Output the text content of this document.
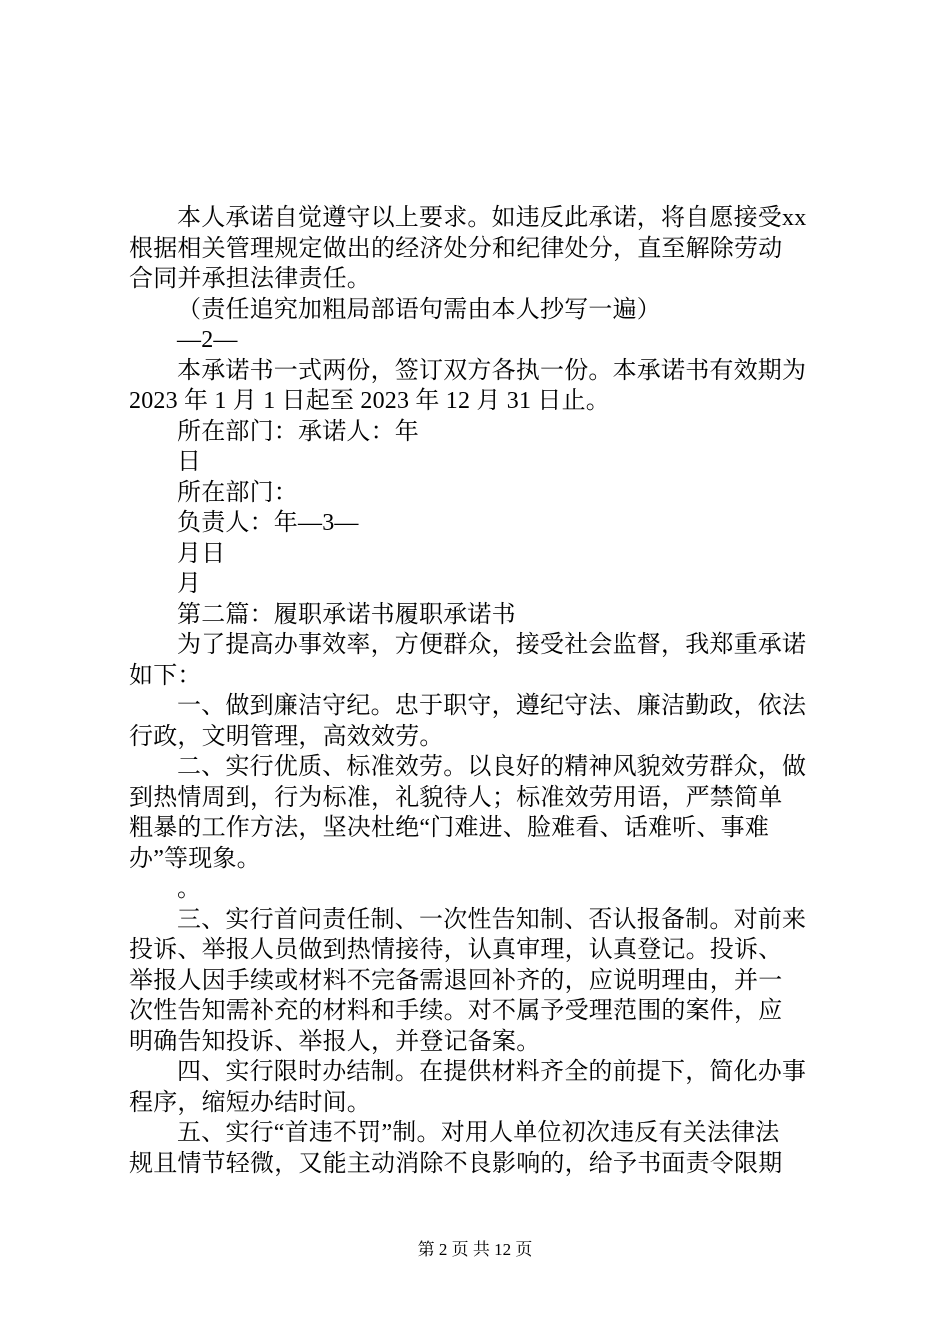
本人承诺自觉遵守以上要求。如违反此承诺，将自愿接受xx
根据相关管理规定做出的经济处分和纪律处分，直至解除劳动
合同并承担法律责任。
（责任追究加粗局部语句需由本人抄写一遍）
—2—
本承诺书一式两份，签订双方各执一份。本承诺书有效期为
2023 年 1 月 1 日起至 2023 年 12 月 31 日止。
所在部门：承诺人：年
日
所在部门：
负责人：年—3—
月日
月
第二篇：履职承诺书履职承诺书
为了提高办事效率，方便群众，接受社会监督，我郑重承诺
如下：
一、做到廉洁守纪。忠于职守，遵纪守法、廉洁勤政，依法
行政，文明管理，高效效劳。
二、实行优质、标准效劳。以良好的精神风貌效劳群众，做
到热情周到，行为标准，礼貌待人；标准效劳用语，严禁简单
粗暴的工作方法，坚决杜绝“门难进、脸难看、话难听、事难
办”等现象。
。
三、实行首问责任制、一次性告知制、否认报备制。对前来
投诉、举报人员做到热情接待，认真审理，认真登记。投诉、
举报人因手续或材料不完备需退回补齐的，应说明理由，并一
次性告知需补充的材料和手续。对不属予受理范围的案件，应
明确告知投诉、举报人，并登记备案。
四、实行限时办结制。在提供材料齐全的前提下，简化办事
程序，缩短办结时间。
五、实行“首违不罚”制。对用人单位初次违反有关法律法
规且情节轻微，又能主动消除不良影响的，给予书面责令限期
第 2 页 共 12 页
